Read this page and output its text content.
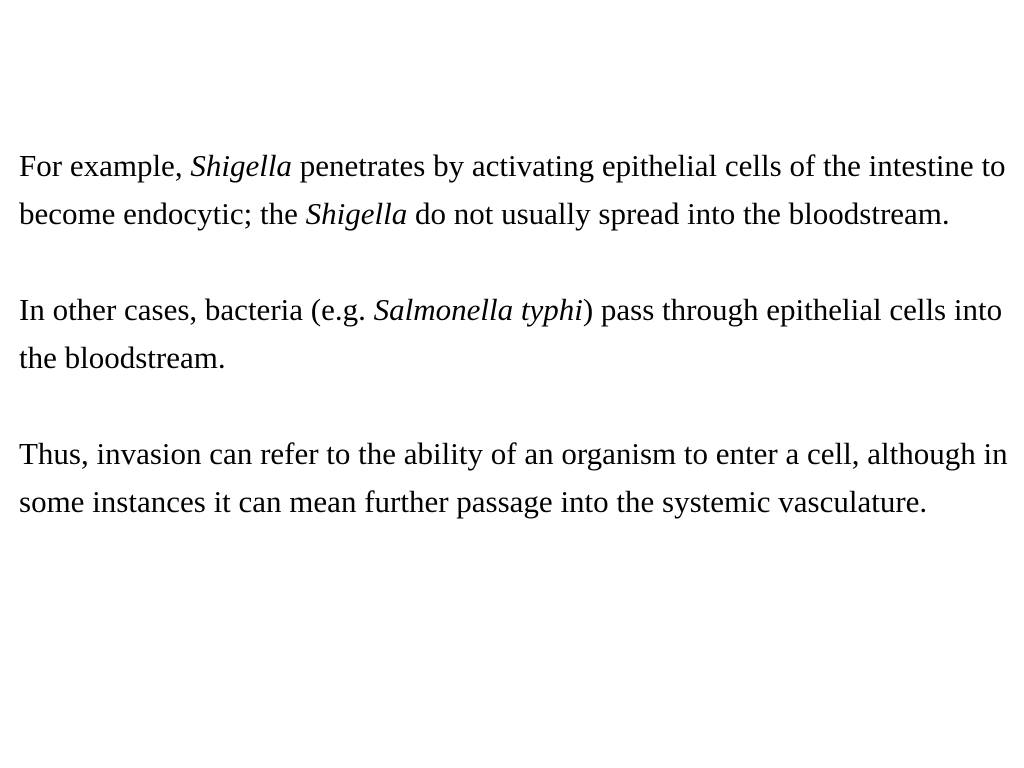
For example, Shigella penetrates by activating epithelial cells of the intestine to become endocytic; the Shigella do not usually spread into the bloodstream.

In other cases, bacteria (e.g. Salmonella typhi) pass through epithelial cells into the bloodstream.

Thus, invasion can refer to the ability of an organism to enter a cell, although in some instances it can mean further passage into the systemic vasculature.
